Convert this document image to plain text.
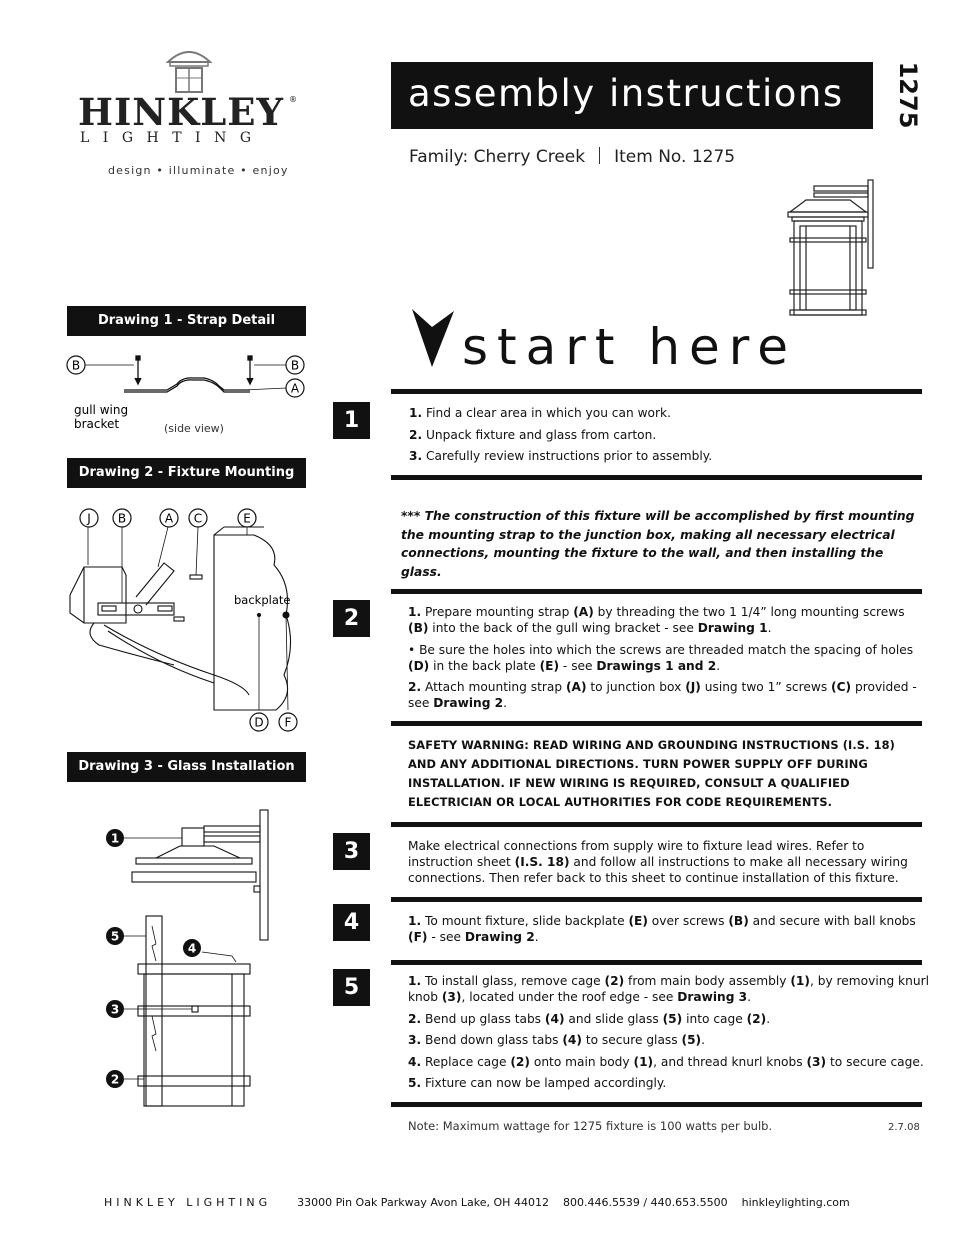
HINKLEY ®
LIGHTING
design • illuminate • enjoy
assembly instructions 1275
Family: Cherry Creek Item No. 1275
Drawing 1 - Strap Detail
B	B
A
gull wing
bracket	(side view)
Drawing 2 - Fixture Mounting
J B	A C	E
backplate
D F
Drawing 3 - Glass Installation
1
5
4
3
2
start here
1	1. Find a clear area in which you can work.
2. Unpack fixture and glass from carton.
3. Carefully review instructions prior to assembly.
*** The construction of this fixture will be accomplished by first mounting the mounting strap to the junction box, making all necessary electrical connections, mounting the fixture to the wall, and then installing the glass.
2	1. Prepare mounting strap (A) by threading the two 1 1/4” long mounting screws (B) into the back of the gull wing bracket - see Drawing 1.
• Be sure the holes into which the screws are threaded match the spacing of holes (D) in the back plate (E) - see Drawings 1 and 2.
2. Attach mounting strap (A) to junction box (J) using two 1” screws (C) provided - see Drawing 2.
SAFETY WARNING: READ WIRING AND GROUNDING INSTRUCTIONS (I.S. 18) AND ANY ADDITIONAL DIRECTIONS. TURN POWER SUPPLY OFF DURING INSTALLATION. IF NEW WIRING IS REQUIRED, CONSULT A QUALIFIED ELECTRICIAN OR LOCAL AUTHORITIES FOR CODE REQUIREMENTS.
3	Make electrical connections from supply wire to fixture lead wires. Refer to instruction sheet (I.S. 18) and follow all instructions to make all necessary wiring connections. Then refer back to this sheet to continue installation of this fixture.
4	1. To mount fixture, slide backplate (E) over screws (B) and secure with ball knobs (F) - see Drawing 2.
5	1. To install glass, remove cage (2) from main body assembly (1), by removing knurl knob (3), located under the roof edge - see Drawing 3.
2. Bend up glass tabs (4) and slide glass (5) into cage (2).
3. Bend down glass tabs (4) to secure glass (5).
4. Replace cage (2) onto main body (1), and thread knurl knobs (3) to secure cage.
5. Fixture can now be lamped accordingly.
Note: Maximum wattage for 1275 fixture is 100 watts per bulb.	2.7.08
HINKLEY LIGHTING 33000 Pin Oak Parkway Avon Lake, OH 44012 800.446.5539 / 440.653.5500 hinkleylighting.com
